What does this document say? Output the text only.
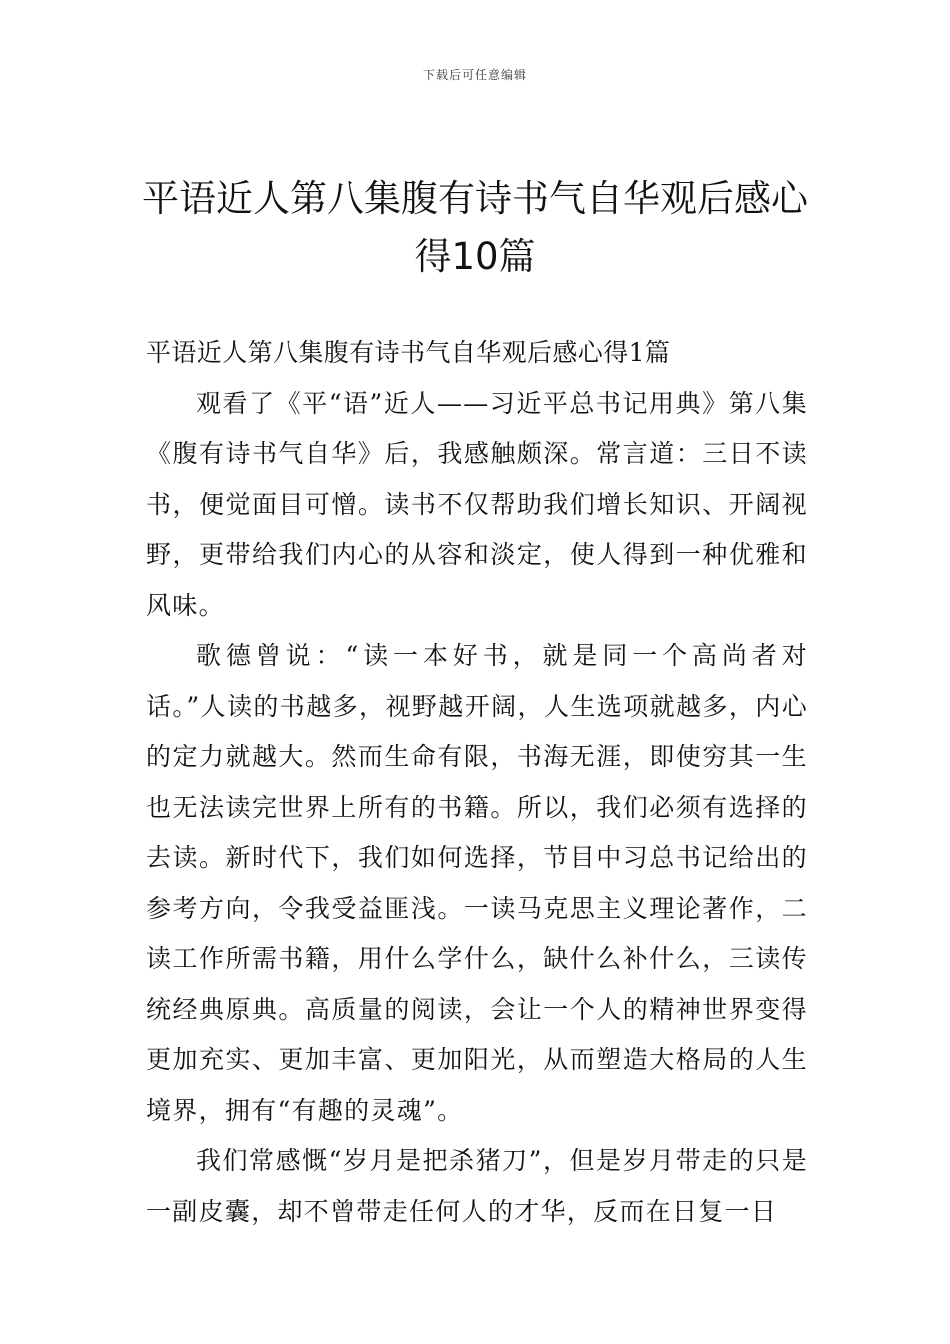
下载后可任意编辑
平语近人第八集腹有诗书气自华观后感心得10篇
平语近人第八集腹有诗书气自华观后感心得1篇

观看了《平“语”近人——习近平总书记用典》第八集《腹有诗书气自华》后，我感触颇深。常言道：三日不读书，便觉面目可憎。读书不仅帮助我们增长知识、开阔视野，更带给我们内心的从容和淡定，使人得到一种优雅和风味。

歌德曾说：“读一本好书，就是同一个高尚者对话。”人读的书越多，视野越开阔，人生选项就越多，内心的定力就越大。然而生命有限，书海无涯，即使穷其一生也无法读完世界上所有的书籍。所以，我们必须有选择的去读。新时代下，我们如何选择，节目中习总书记给出的参考方向，令我受益匪浅。一读马克思主义理论著作，二读工作所需书籍，用什么学什么，缺什么补什么，三读传统经典原典。高质量的阅读，会让一个人的精神世界变得更加充实、更加丰富、更加阳光，从而塑造大格局的人生境界，拥有“有趣的灵魂”。

我们常感慨“岁月是把杀猪刀”，但是岁月带走的只是一副皮囊，却不曾带走任何人的才华，反而在日复一日
